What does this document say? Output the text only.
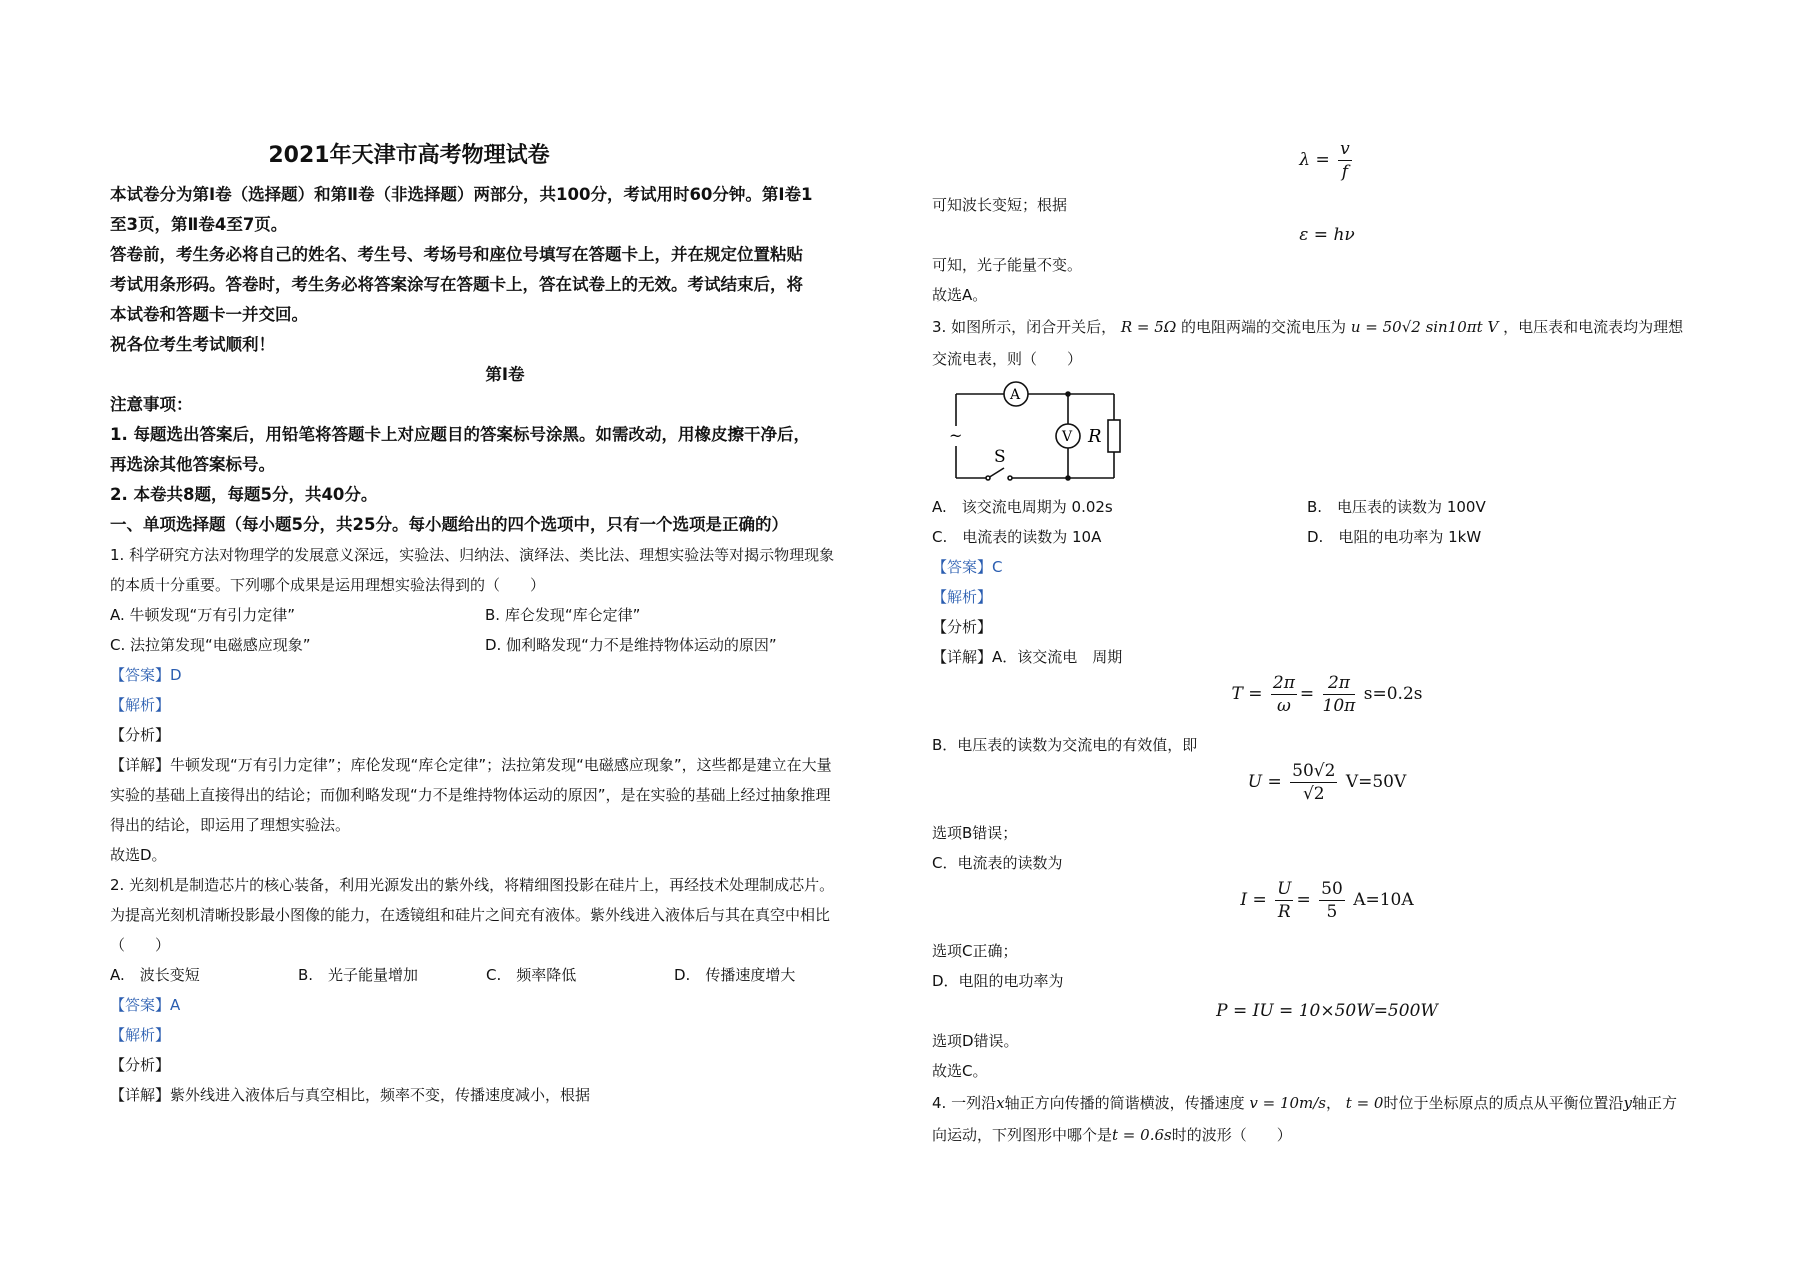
2021年天津市高考物理试卷
本试卷分为第Ⅰ卷（选择题）和第Ⅱ卷（非选择题）两部分，共100分，考试用时60分钟。第Ⅰ卷1
至3页，第Ⅱ卷4至7页。
答卷前，考生务必将自己的姓名、考生号、考场号和座位号填写在答题卡上，并在规定位置粘贴
考试用条形码。答卷时，考生务必将答案涂写在答题卡上，答在试卷上的无效。考试结束后，将
本试卷和答题卡一并交回。
祝各位考生考试顺利！
第Ⅰ卷
注意事项：
1. 每题选出答案后，用铅笔将答题卡上对应题目的答案标号涂黑。如需改动，用橡皮擦干净后，
再选涂其他答案标号。
2. 本卷共8题，每题5分，共40分。
一、单项选择题（每小题5分，共25分。每小题给出的四个选项中，只有一个选项是正确的）
1. 科学研究方法对物理学的发展意义深远，实验法、归纳法、演绎法、类比法、理想实验法等对揭示物理现象
的本质十分重要。下列哪个成果是运用理想实验法得到的（　　）
A. 牛顿发现“万有引力定律”	B. 库仑发现“库仑定律”
C. 法拉第发现“电磁感应现象”	D. 伽利略发现“力不是维持物体运动的原因”
【答案】D
【解析】
【分析】
【详解】牛顿发现“万有引力定律”；库伦发现“库仑定律”；法拉第发现“电磁感应现象”，这些都是建立在大量
实验的基础上直接得出的结论；而伽利略发现“力不是维持物体运动的原因”，是在实验的基础上经过抽象推理
得出的结论，即运用了理想实验法。
故选D。
2. 光刻机是制造芯片的核心装备，利用光源发出的紫外线，将精细图投影在硅片上，再经技术处理制成芯片。
为提高光刻机清晰投影最小图像的能力，在透镜组和硅片之间充有液体。紫外线进入液体后与其在真空中相比
（　　）
A.　波长变短	B.　光子能量增加	C.　频率降低	D.　传播速度增大
【答案】A
【解析】
【分析】
【详解】紫外线进入液体后与真空相比，频率不变，传播速度减小，根据
$\lambda = \frac{v}{f}$
可知波长变短；根据
ε = hν
可知，光子能量不变。
故选A。
3. 如图所示，闭合开关后， R = 5Ω 的电阻两端的交流电压为 u = 50√2 sin10πt V ，电压表和电流表均为理想
交流电表，则（　　）
A
V R
S
~
A.　该交流电周期为 0.02s	B.　电压表的读数为 100V
C.　电流表的读数为 10A	D.　电阻的电功率为 1kW
【答案】C
【解析】
【分析】
【详解】A．该交流电　周期
$T = \frac{2\pi}{\omega} = \frac{2\pi}{10\pi} s=0.2s$
B．电压表的读数为交流电的有效值，即
$U = \frac{50√2}{√2} V=50V$
选项B错误；
C．电流表的读数为
$I = \frac{U}{R} = \frac{50}{5} A=10A$
选项C正确；
D．电阻的电功率为
P = IU = 10×50W=500W
选项D错误。
故选C。
4. 一列沿x轴正方向传播的简谐横波，传播速度 v = 10m/s， t = 0时位于坐标原点的质点从平衡位置沿y轴正方
向运动，下列图形中哪个是t = 0.6s时的波形（　　）
